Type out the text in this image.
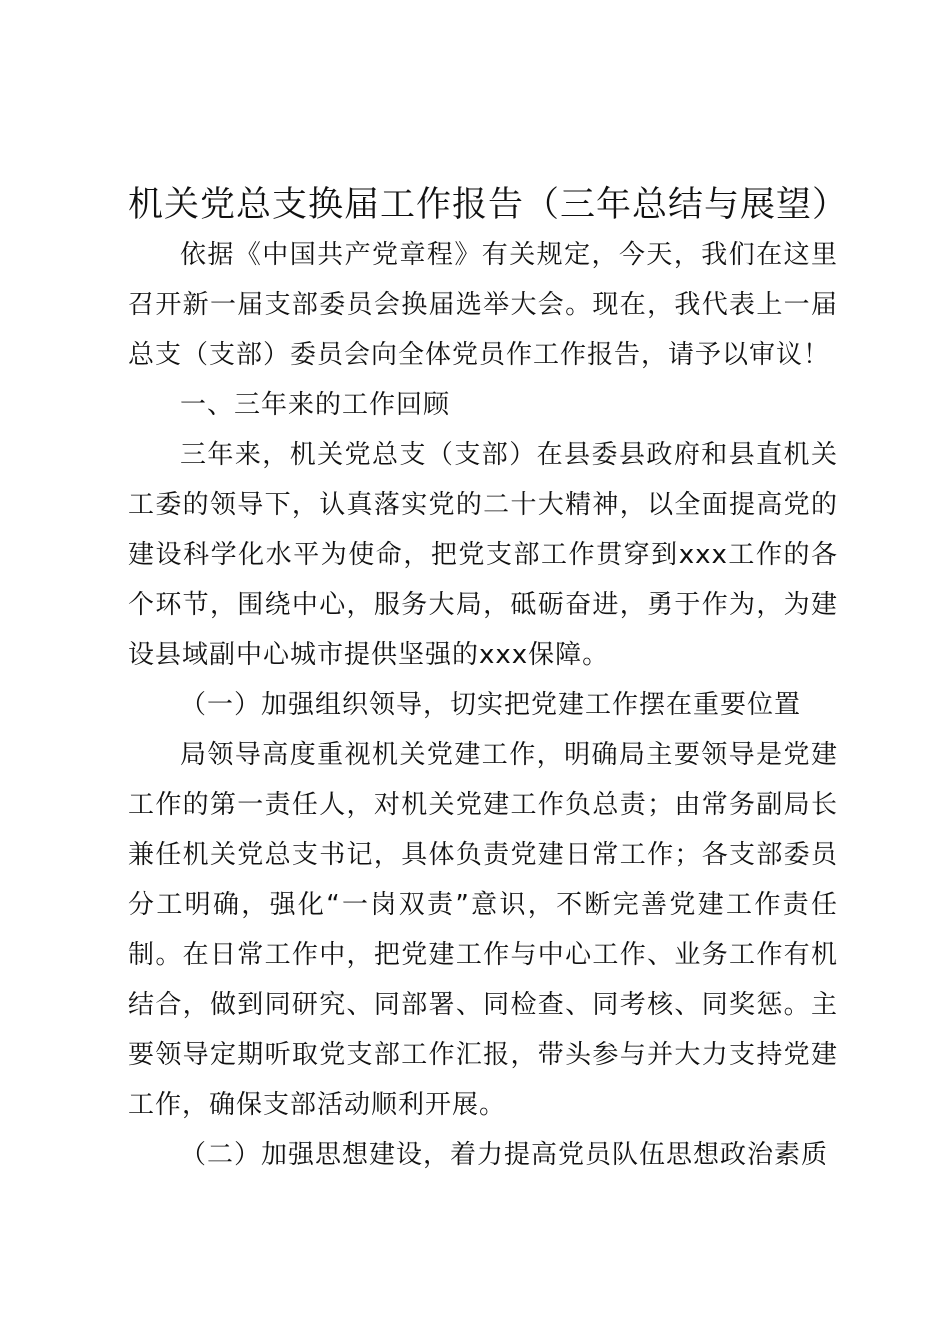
机关党总支换届工作报告（三年总结与展望）

依据《中国共产党章程》有关规定，今天，我们在这里召开新一届支部委员会换届选举大会。现在，我代表上一届总支（支部）委员会向全体党员作工作报告，请予以审议！

一、三年来的工作回顾

三年来，机关党总支（支部）在县委县政府和县直机关工委的领导下，认真落实党的二十大精神，以全面提高党的建设科学化水平为使命，把党支部工作贯穿到xxx工作的各个环节，围绕中心，服务大局，砥砺奋进，勇于作为，为建设县域副中心城市提供坚强的xxx保障。

（一）加强组织领导，切实把党建工作摆在重要位置

局领导高度重视机关党建工作，明确局主要领导是党建工作的第一责任人，对机关党建工作负总责；由常务副局长兼任机关党总支书记，具体负责党建日常工作；各支部委员分工明确，强化“一岗双责”意识，不断完善党建工作责任制。在日常工作中，把党建工作与中心工作、业务工作有机结合，做到同研究、同部署、同检查、同考核、同奖惩。主要领导定期听取党支部工作汇报，带头参与并大力支持党建工作，确保支部活动顺利开展。

（二）加强思想建设，着力提高党员队伍思想政治素质
